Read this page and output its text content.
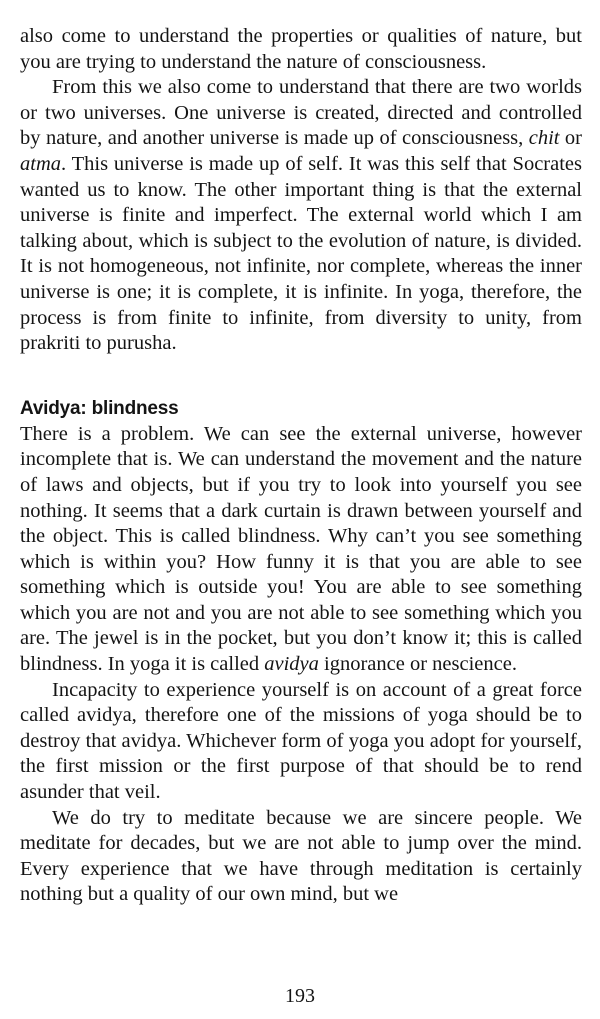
also come to understand the properties or qualities of nature, but you are trying to understand the nature of consciousness.

From this we also come to understand that there are two worlds or two universes. One universe is created, directed and controlled by nature, and another universe is made up of consciousness, chit or atma. This universe is made up of self. It was this self that Socrates wanted us to know. The other important thing is that the external universe is finite and imperfect. The external world which I am talking about, which is subject to the evolution of nature, is divided. It is not homogeneous, not infinite, nor complete, whereas the inner universe is one; it is complete, it is infinite. In yoga, therefore, the process is from finite to infinite, from diversity to unity, from prakriti to purusha.

Avidya: blindness

There is a problem. We can see the external universe, however incomplete that is. We can understand the movement and the nature of laws and objects, but if you try to look into yourself you see nothing. It seems that a dark curtain is drawn between yourself and the object. This is called blindness. Why can’t you see something which is within you? How funny it is that you are able to see something which is outside you! You are able to see something which you are not and you are not able to see something which you are. The jewel is in the pocket, but you don’t know it; this is called blindness. In yoga it is called avidya ignorance or nescience.

Incapacity to experience yourself is on account of a great force called avidya, therefore one of the missions of yoga should be to destroy that avidya. Whichever form of yoga you adopt for yourself, the first mission or the first purpose of that should be to rend asunder that veil.

We do try to meditate because we are sincere people. We meditate for decades, but we are not able to jump over the mind. Every experience that we have through meditation is certainly nothing but a quality of our own mind, but we

193
